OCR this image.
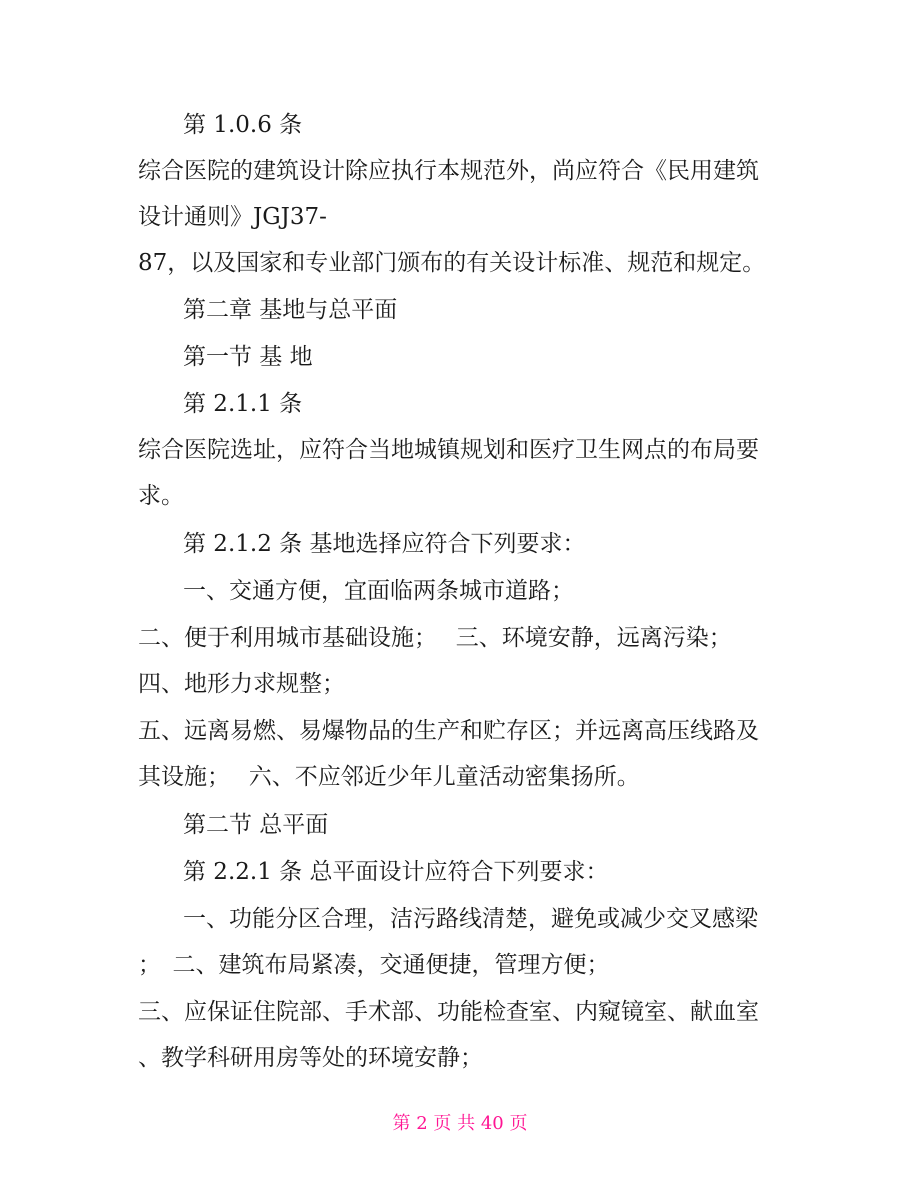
第 1.0.6 条
综合医院的建筑设计除应执行本规范外，尚应符合《民用建筑
设计通则》JGJ37-
87，以及国家和专业部门颁布的有关设计标准、规范和规定。
第二章 基地与总平面
第一节 基 地
第 2.1.1 条
综合医院选址，应符合当地城镇规划和医疗卫生网点的布局要
求。
第 2.1.2 条 基地选择应符合下列要求：
一、交通方便，宜面临两条城市道路；
二、便于利用城市基础设施；　 三、环境安静，远离污染；
四、地形力求规整；
五、远离易燃、易爆物品的生产和贮存区；并远离高压线路及
其设施；　 六、不应邻近少年儿童活动密集扬所。
第二节 总平面
第 2.2.1 条 总平面设计应符合下列要求：
一、功能分区合理，洁污路线清楚，避免或减少交叉感梁
；　二、建筑布局紧凑，交通便捷，管理方便；
三、应保证住院部、手术部、功能检查室、内窥镜室、献血室
、教学科研用房等处的环境安静；
第 2 页 共 40 页
